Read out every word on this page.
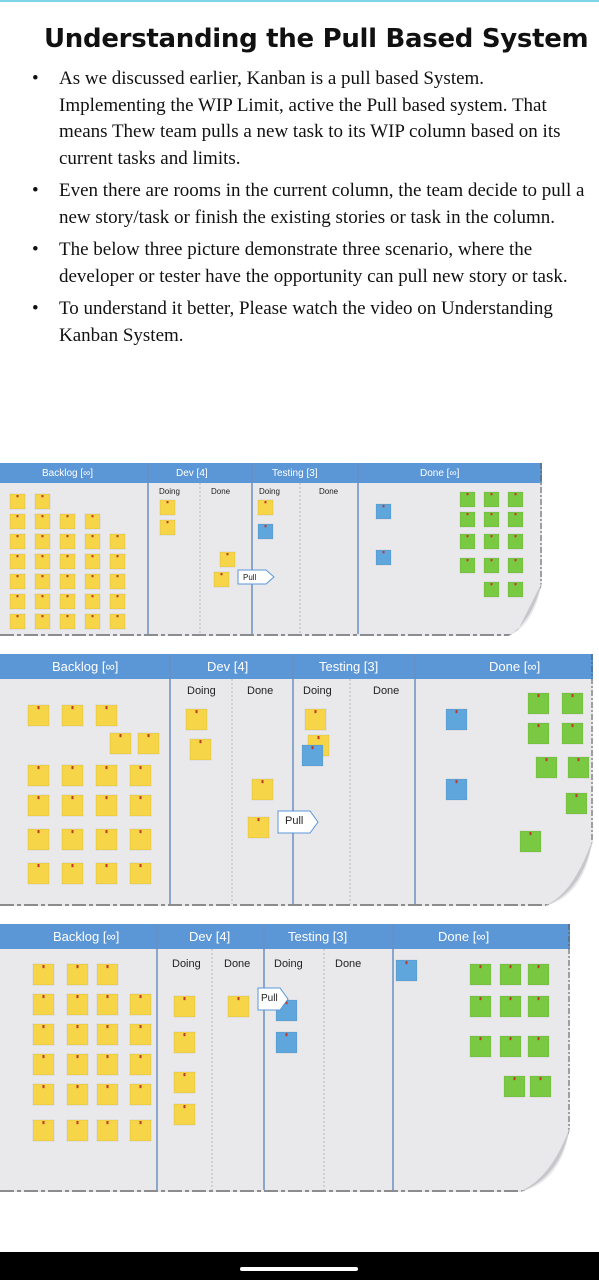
Understanding the Pull Based System
• As we discussed earlier, Kanban is a pull based System. Implementing the WIP Limit, active the Pull based system. That means Thew team pulls a new task to its WIP column based on its current tasks and limits.
• Even there are rooms in the current column, the team decide to pull a new story/task or finish the existing stories or task in the column.
• The below three picture demonstrate three scenario, where the developer or tester have the opportunity can pull new story or task.
• To understand it better, Please watch the video on Understanding Kanban System.
Backlog [∞]	Dev [4]	Testing [3]	Done [∞]
Doing	Done	Doing	Done
Pull
Backlog [∞]	Dev [4]	Testing [3]	Done [∞]
Doing	Done	Doing	Done
Pull
Backlog [∞]	Dev [4]	Testing [3]	Done [∞]
Doing Done Doing	Done
Pull
